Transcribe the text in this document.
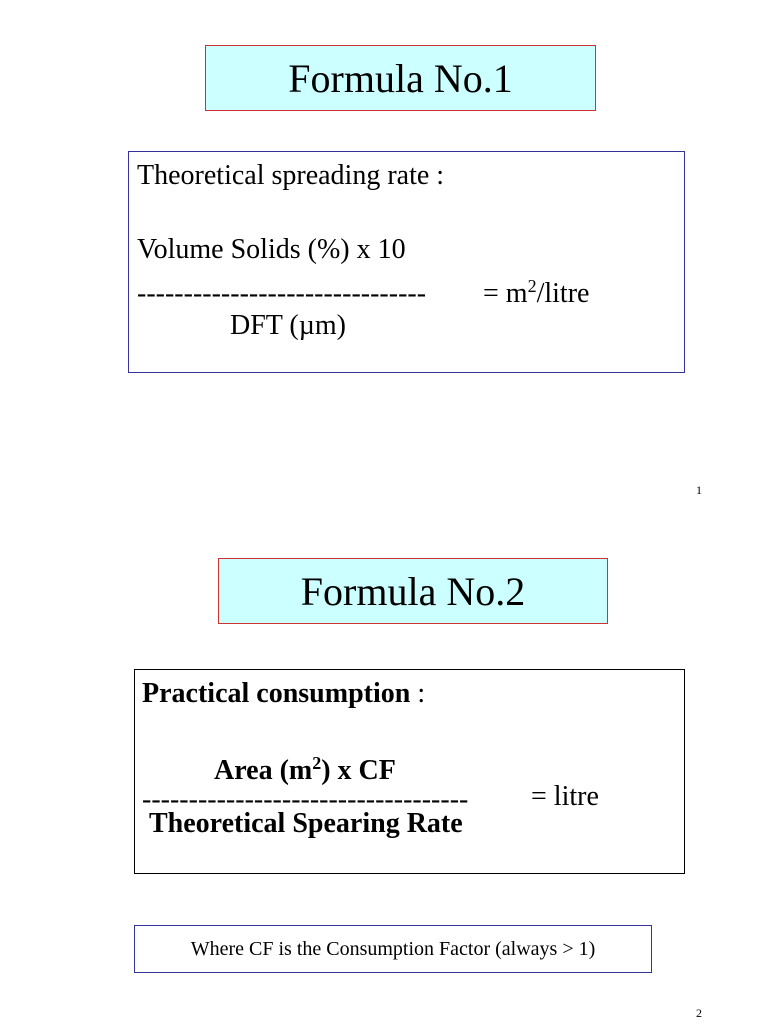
Formula No.1
Theoretical spreading rate :
Volume Solids (%) x 10
------------------------------- = $m^2$/litre
DFT (µm)
1
Formula No.2
Practical consumption :
Area $(m^2)$ x CF
----------------------------------- = litre
Theoretical Spearing Rate
Where CF is the Consumption Factor (always > 1)
2
